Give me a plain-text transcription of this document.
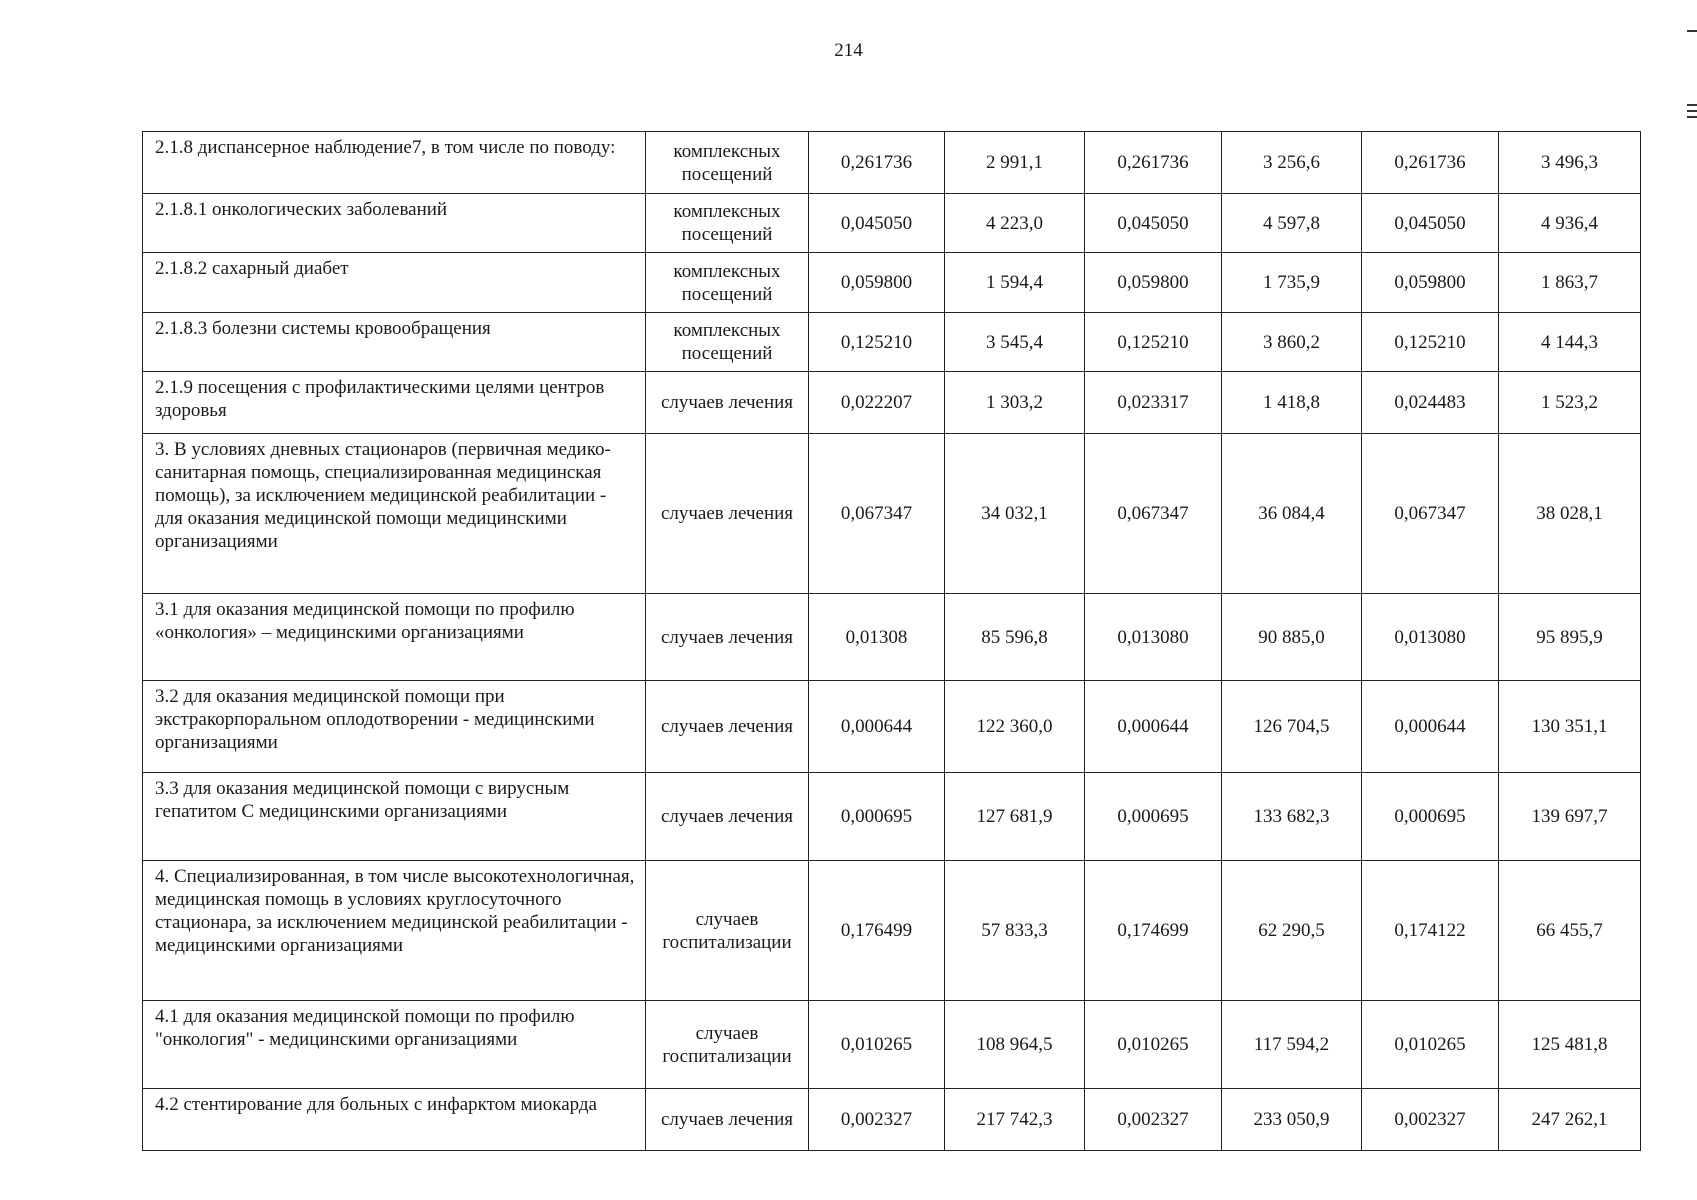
214
2.1.8 диспансерное наблюдение7, в том числе по поводу:	комплексных посещений	0,261736	2 991,1	0,261736	3 256,6	0,261736	3 496,3
2.1.8.1 онкологических заболеваний	комплексных посещений	0,045050	4 223,0	0,045050	4 597,8	0,045050	4 936,4
2.1.8.2 сахарный диабет	комплексных посещений	0,059800	1 594,4	0,059800	1 735,9	0,059800	1 863,7
2.1.8.3 болезни системы кровообращения	комплексных посещений	0,125210	3 545,4	0,125210	3 860,2	0,125210	4 144,3
2.1.9 посещения с профилактическими целями центров здоровья	случаев лечения	0,022207	1 303,2	0,023317	1 418,8	0,024483	1 523,2
3. В условиях дневных стационаров (первичная медико-санитарная помощь, специализированная медицинская помощь), за исключением медицинской реабилитации - для оказания медицинской помощи медицинскими организациями	случаев лечения	0,067347	34 032,1	0,067347	36 084,4	0,067347	38 028,1
3.1 для оказания медицинской помощи по профилю «онкология» – медицинскими организациями	случаев лечения	0,01308	85 596,8	0,013080	90 885,0	0,013080	95 895,9
3.2 для оказания медицинской помощи при экстракорпоральном оплодотворении - медицинскими организациями	случаев лечения	0,000644	122 360,0	0,000644	126 704,5	0,000644	130 351,1
3.3 для оказания медицинской помощи с вирусным гепатитом С медицинскими организациями	случаев лечения	0,000695	127 681,9	0,000695	133 682,3	0,000695	139 697,7
4. Специализированная, в том числе высокотехнологичная, медицинская помощь в условиях круглосуточного стационара, за исключением медицинской реабилитации - медицинскими организациями	случаев госпитализации	0,176499	57 833,3	0,174699	62 290,5	0,174122	66 455,7
4.1 для оказания медицинской помощи по профилю "онкология" - медицинскими организациями	случаев госпитализации	0,010265	108 964,5	0,010265	117 594,2	0,010265	125 481,8
4.2 стентирование для больных с инфарктом миокарда	случаев лечения	0,002327	217 742,3	0,002327	233 050,9	0,002327	247 262,1
